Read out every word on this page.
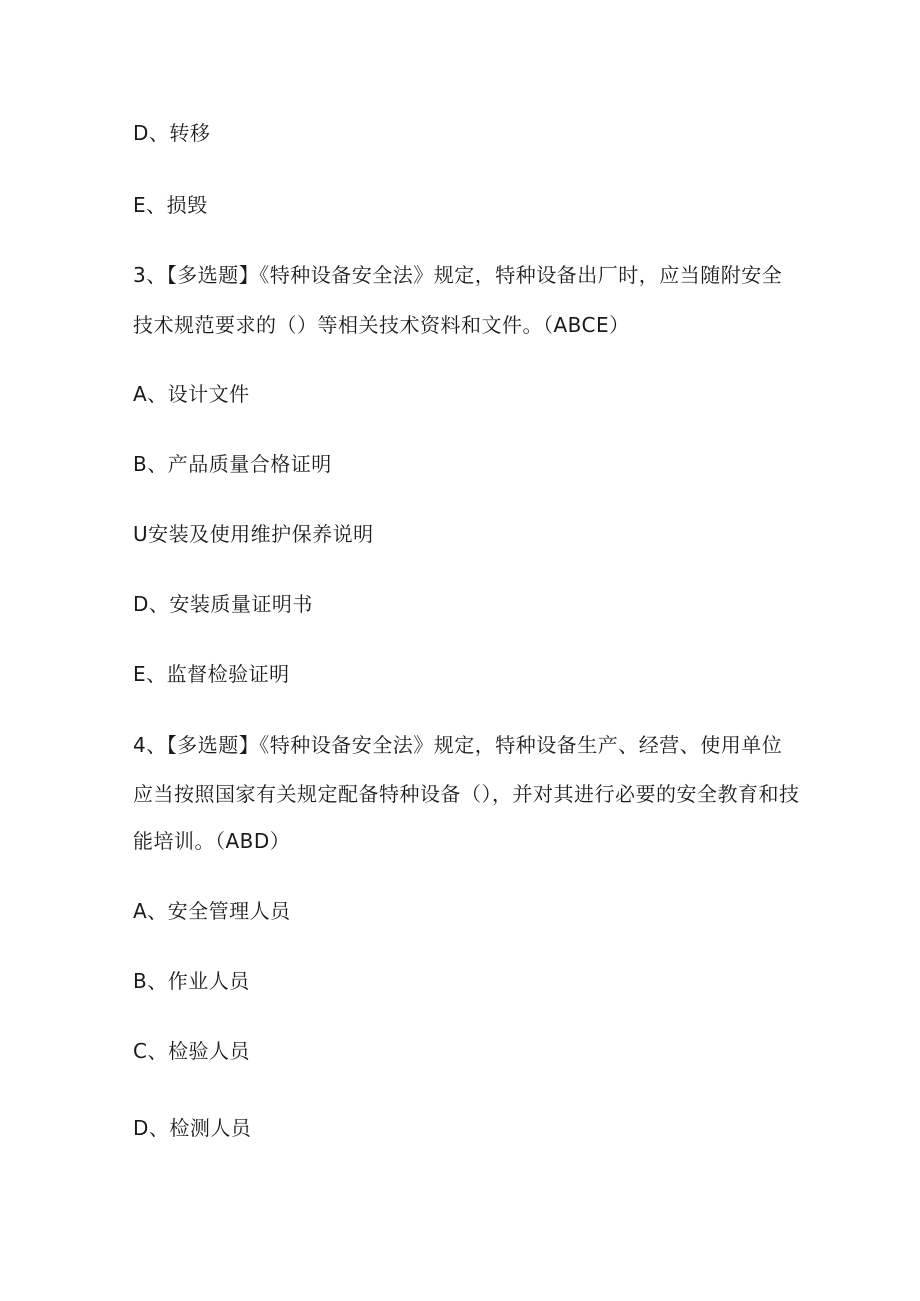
D、转移
E、损毁
3、【多选题】《特种设备安全法》规定，特种设备出厂时，应当随附安全
技术规范要求的（）等相关技术资料和文件。（ABCE）
A、设计文件
B、产品质量合格证明
U安装及使用维护保养说明
D、安装质量证明书
E、监督检验证明
4、【多选题】《特种设备安全法》规定，特种设备生产、经营、使用单位
应当按照国家有关规定配备特种设备（），并对其进行必要的安全教育和技
能培训。（ABD）
A、安全管理人员
B、作业人员
C、检验人员
D、检测人员
